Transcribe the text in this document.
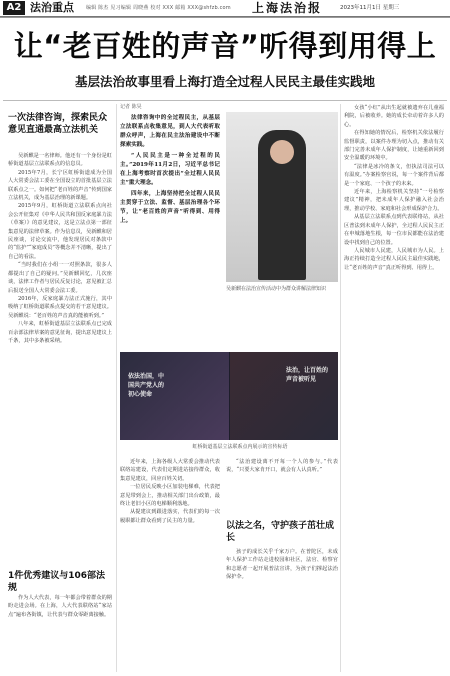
A2 法治重点 编辑 陈杰 见习编辑 周晓燕 校对 XXX 邮箱 XXX@shfzb.com 上海法治报	2023年11月1日 星期三
让“老百姓的声音”听得到用得上
基层法治故事里看上海打造全过程人民民主最佳实践地
一次法律咨询，探索民众意见直通最高立法机关

吴新麒是一名律师。他还有一个身份是虹桥街道基层立法联系点的信息员。

2015年7月，长宁区虹桥街道成为全国人大常委会法工委在全国设立的首批基层立法联系点之一。如何把“老百姓的声音”传到国家立法机关，成为基层治理的新课题。

2015年9月，虹桥街道立法联系点向社会公开征集对《中华人民共和国反家庭暴力法（草案）》的意见建议，这是立法点第一部征集意见的法律草案。作为信息员，吴新麒和居民座谈，讨论交流中，他发现居民对条款中的“监护”“家庭成员”等概念并不清晰，提出了自己的看法。

“当时我们在小组一一对照条款，很多人都提出了自己的疑问。”吴新麒回忆，几次座谈，法律工作者与居民反复讨论，意见被汇总后报送全国人大常委会法工委。

2016年，反家庭暴力法正式施行，其中吸纳了虹桥街道联系点提交的若干意见建议。吴新麒说：“老百姓的声音真的能被听到。”

八年来，虹桥街道基层立法联系点已完成百余部法律草案的意见征询，提出意见建议上千条，其中多条被采纳。

1件优秀建议与106部法规

作为人大代表，每一年都会带着群众的期盼走进会场。在上海，人大代表联络站“家站点”遍布各街镇，让代表与群众零距离接触。

记者 陈昊

法律咨询中的全过程民主，从基层立法联系点收集意见，到人大代表听取群众呼声，上海在民主法治建设中不断探索实践。

“人民民主是一种全过程的民主。”2019年11月2日，习近平总书记在上海考察时首次提出“全过程人民民主”重大理念。

四年来，上海坚持把全过程人民民主贯穿于立法、监督、基层治理各个环节，让“老百姓的声音”听得到、用得上。

吴新麒在法治宣传活动中为群众讲解法律知识
依法治国，中国共产党人的初心使命
法治，让百姓的声音被听见
虹桥街道基层立法联系点内展示的宣传标语

近年来，上海各级人大常委会推动代表联络站建设，代表们定期进站接待群众，收集意见建议，回应百姓关切。

一位居民反映小区加装电梯难，代表把意见带到会上，推动相关部门出台政策，最终让老旧小区的电梯顺利落地。

从提建议到跟进落实，代表们的每一次履职都让群众看到了民主的力量。

“法治建设离不开每一个人的参与。”代表说，“只要大家肯开口，就会有人认真听。”

以法之名，守护孩子茁壮成长

孩子的成长关乎千家万户。在普陀区，未成年人保护工作站走进校园和社区，法官、检察官和志愿者一起开展普法宣讲，为孩子们撑起法治保护伞。

女孩“小红”从出生起就被遗弃在儿童福利院，后被收养。她的成长牵动着许多人的心。

在得知她的情况后，检察机关依法履行监督职责，以案件办理为切入点，推动有关部门完善未成年人保护制度，让她重新回到安全温暖的环境中。

“法律是冰冷的条文，但执法司法可以有温度。”办案检察官说，每一个案件背后都是一个家庭、一个孩子的未来。

近年来，上海检察机关坚持“一号检察建议”精神，把未成年人保护融入社会治理，推动学校、家庭和社会形成保护合力。

从基层立法联系点到代表联络站，从社区普法到未成年人保护，全过程人民民主正在申城落地生根，每一位市民都能在法治建设中找到自己的位置。

人民城市人民建，人民城市为人民。上海正持续打造全过程人民民主最佳实践地，让“老百姓的声音”真正听得到、用得上。
